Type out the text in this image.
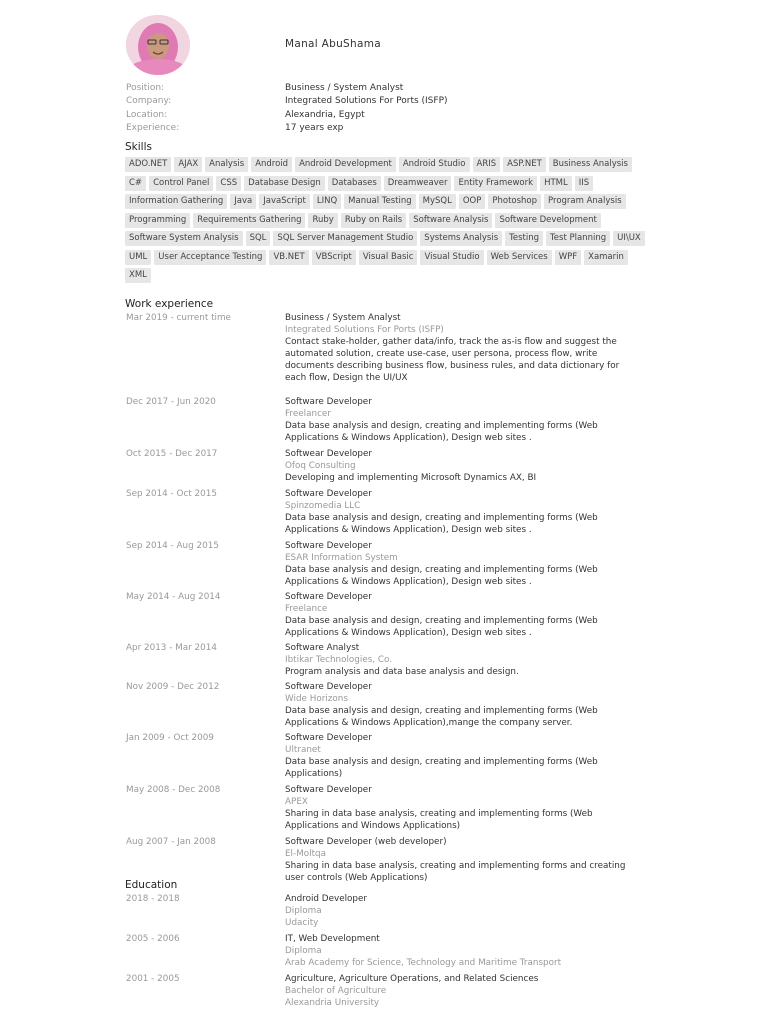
Manal AbuShama
Position:	Business / System Analyst
Company:	Integrated Solutions For Ports (ISFP)
Location:	Alexandria, Egypt
Experience:	17 years exp
Skills
ADO.NET	AJAX	Analysis	Android	Android Development	Android Studio	ARIS	ASP.NET	Business Analysis
C#	Control Panel	CSS	Database Design	Databases	Dreamweaver	Entity Framework	HTML	IIS
Information Gathering	Java	JavaScript	LINQ	Manual Testing	MySQL	OOP	Photoshop	Program Analysis
Programming	Requirements Gathering	Ruby	Ruby on Rails	Software Analysis	Software Development
Software System Analysis	SQL	SQL Server Management Studio	Systems Analysis	Testing	Test Planning	UI\UX
UML	User Acceptance Testing	VB.NET	VBScript	Visual Basic	Visual Studio	Web Services	WPF	Xamarin
XML
Work experience
Mar 2019 - current time	Business / System Analyst
Integrated Solutions For Ports (ISFP)
Contact stake-holder, gather data/info, track the as-is flow and suggest the automated solution, create use-case, user persona, process flow, write documents describing business flow, business rules, and data dictionary for each flow, Design the UI/UX
Dec 2017 - Jun 2020	Software Developer
Freelancer
Data base analysis and design, creating and implementing forms (Web Applications & Windows Application), Design web sites .
Oct 2015 - Dec 2017	Softwear Developer
Ofoq Consulting
Developing and implementing Microsoft Dynamics AX, BI
Sep 2014 - Oct 2015	Software Developer
Spinzomedia LLC
Data base analysis and design, creating and implementing forms (Web Applications & Windows Application), Design web sites .
Sep 2014 - Aug 2015	Software Developer
ESAR Information System
Data base analysis and design, creating and implementing forms (Web Applications & Windows Application), Design web sites .
May 2014 - Aug 2014	Software Developer
Freelance
Data base analysis and design, creating and implementing forms (Web Applications & Windows Application), Design web sites .
Apr 2013 - Mar 2014	Software Analyst
Ibtikar Technologies, Co.
Program analysis and data base analysis and design.
Nov 2009 - Dec 2012	Software Developer
Wide Horizons
Data base analysis and design, creating and implementing forms (Web Applications & Windows Application),mange the company server.
Jan 2009 - Oct 2009	Software Developer
Ultranet
Data base analysis and design, creating and implementing forms (Web Applications)
May 2008 - Dec 2008	Software Developer
APEX
Sharing in data base analysis, creating and implementing forms (Web Applications and Windows Applications)
Aug 2007 - Jan 2008	Software Developer (web developer)
El-Moltqa
Sharing in data base analysis, creating and implementing forms and creating user controls (Web Applications)
Education
2018 - 2018	Android Developer
Diploma
Udacity
2005 - 2006	IT, Web Development
Diploma
Arab Academy for Science, Technology and Maritime Transport
2001 - 2005	Agriculture, Agriculture Operations, and Related Sciences
Bachelor of Agriculture
Alexandria University
